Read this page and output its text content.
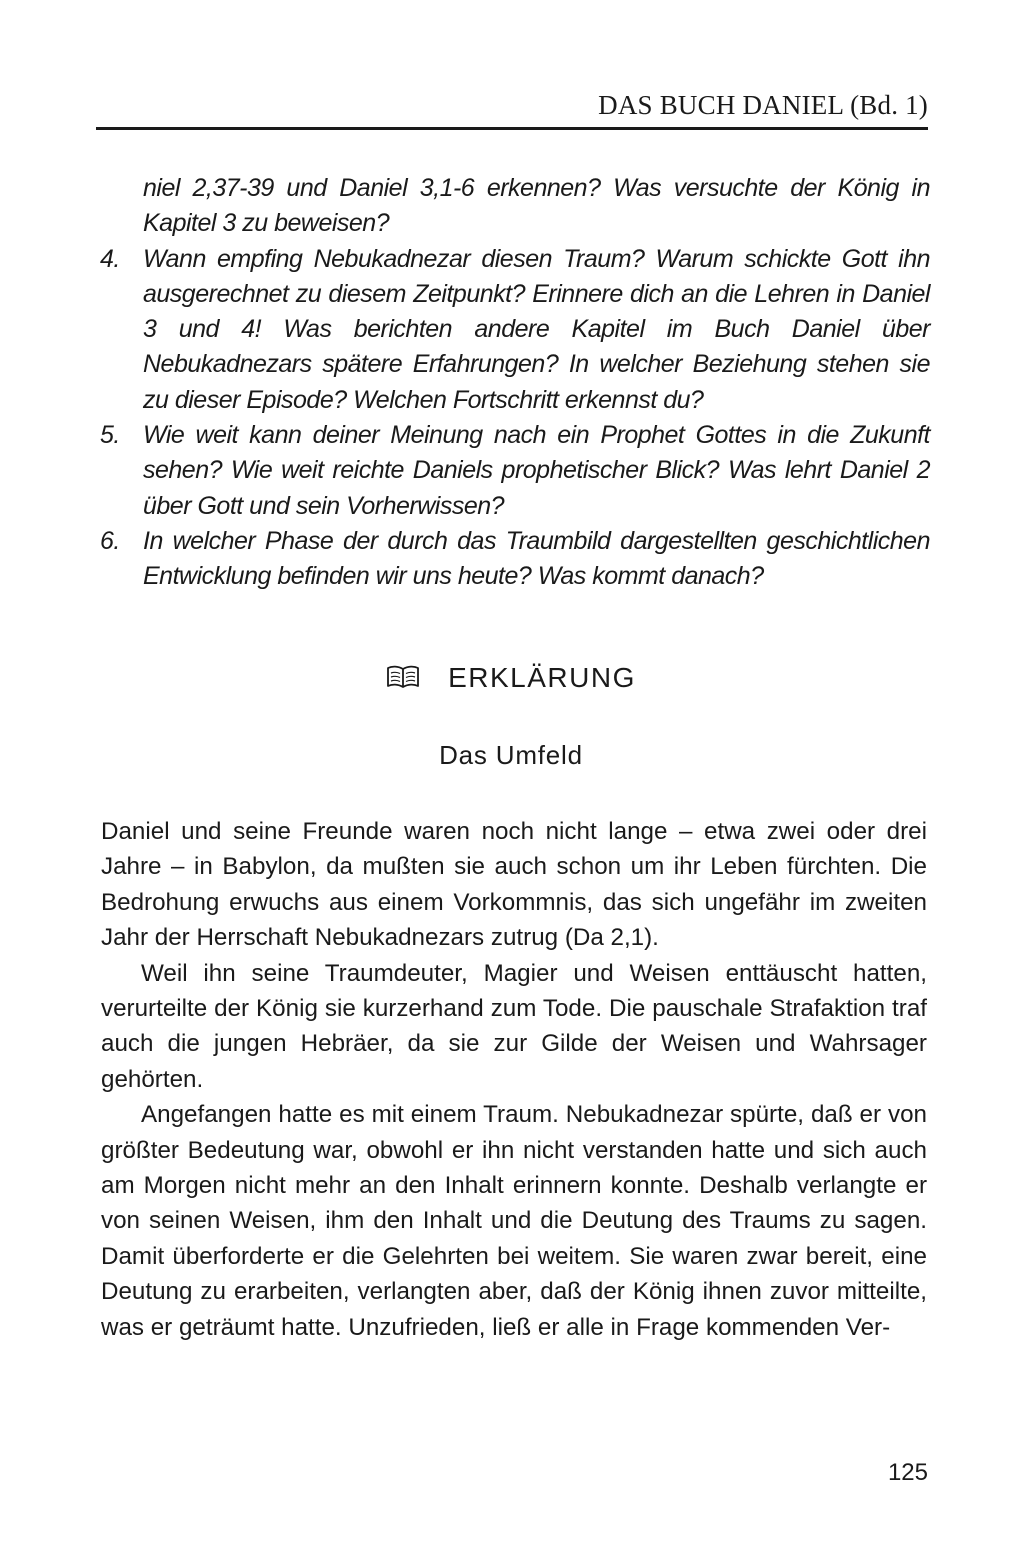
DAS BUCH DANIEL (Bd. 1)
niel 2,37-39 und Daniel 3,1-6 erkennen? Was versuchte der König in Kapitel 3 zu beweisen?
4. Wann empfing Nebukadnezar diesen Traum? Warum schickte Gott ihn ausgerechnet zu diesem Zeitpunkt? Erinnere dich an die Lehren in Daniel 3 und 4! Was berichten andere Kapitel im Buch Daniel über Nebukadnezars spätere Erfahrungen? In welcher Beziehung stehen sie zu dieser Episode? Welchen Fortschritt erkennst du?
5. Wie weit kann deiner Meinung nach ein Prophet Gottes in die Zukunft sehen? Wie weit reichte Daniels prophetischer Blick? Was lehrt Daniel 2 über Gott und sein Vorherwissen?
6. In welcher Phase der durch das Traumbild dargestellten geschichtlichen Entwicklung befinden wir uns heute? Was kommt danach?
ERKLÄRUNG
Das Umfeld

Daniel und seine Freunde waren noch nicht lange – etwa zwei oder drei Jahre – in Babylon, da mußten sie auch schon um ihr Leben fürchten. Die Bedrohung erwuchs aus einem Vorkommnis, das sich ungefähr im zweiten Jahr der Herrschaft Nebukadnezars zutrug (Da 2,1).

Weil ihn seine Traumdeuter, Magier und Weisen enttäuscht hatten, verurteilte der König sie kurzerhand zum Tode. Die pauschale Strafaktion traf auch die jungen Hebräer, da sie zur Gilde der Weisen und Wahrsager gehörten.

Angefangen hatte es mit einem Traum. Nebukadnezar spürte, daß er von größter Bedeutung war, obwohl er ihn nicht verstanden hatte und sich auch am Morgen nicht mehr an den Inhalt erinnern konnte. Deshalb verlangte er von seinen Weisen, ihm den Inhalt und die Deutung des Traums zu sagen. Damit überforderte er die Gelehrten bei weitem. Sie waren zwar bereit, eine Deutung zu erarbeiten, verlangten aber, daß der König ihnen zuvor mitteilte, was er geträumt hatte. Unzufrieden, ließ er alle in Frage kommenden Ver-

125
